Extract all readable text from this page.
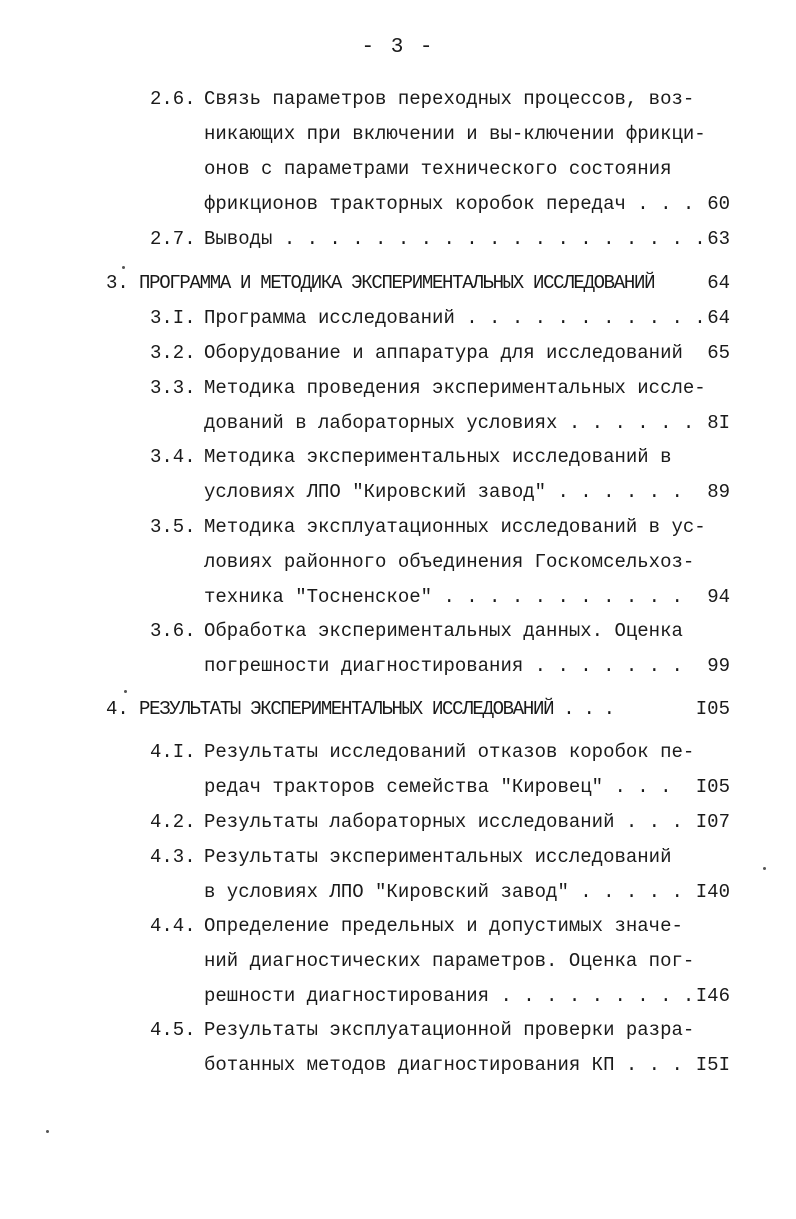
- 3 -
2.6. Связь параметров переходных процессов, воз-
никающих при включении и вы-ключении фрикци-
онов с параметрами технического состояния
фрикционов тракторных коробок передач . . . 60
2.7. Выводы . . . . . . . . . . . . . . . . . . . 63
3. ПРОГРАММА И МЕТОДИКА ЭКСПЕРИМЕНТАЛЬНЫХ ИССЛЕДОВАНИЙ	64
3.I. Программа исследований . . . . . . . . . . . 64
3.2. Оборудование и аппаратура для исследований 65
3.3. Методика проведения экспериментальных иссле-
дований в лабораторных условиях . . . . . . 8I
3.4. Методика экспериментальных исследований в
условиях ЛПО "Кировский завод" . . . . . . 89
3.5. Методика эксплуатационных исследований в ус-
ловиях районного объединения Госкомсельхоз-
техника "Тосненское" . . . . . . . . . . . 94
3.6. Обработка экспериментальных данных. Оценка
погрешности диагностирования . . . . . . . 99
4. РЕЗУЛЬТАТЫ ЭКСПЕРИМЕНТАЛЬНЫХ ИССЛЕДОВАНИЙ . . .	I05
4.I. Результаты исследований отказов коробок пе-
редач тракторов семейства "Кировец" . . . I05
4.2. Результаты лабораторных исследований . . . I07
4.3. Результаты экспериментальных исследований
в условиях ЛПО "Кировский завод" . . . . . I40
4.4. Определение предельных и допустимых значе-
ний диагностических параметров. Оценка пог-
решности диагностирования . . . . . . . . . I46
4.5. Результаты эксплуатационной проверки разра-
ботанных методов диагностирования КП . . . I5I
